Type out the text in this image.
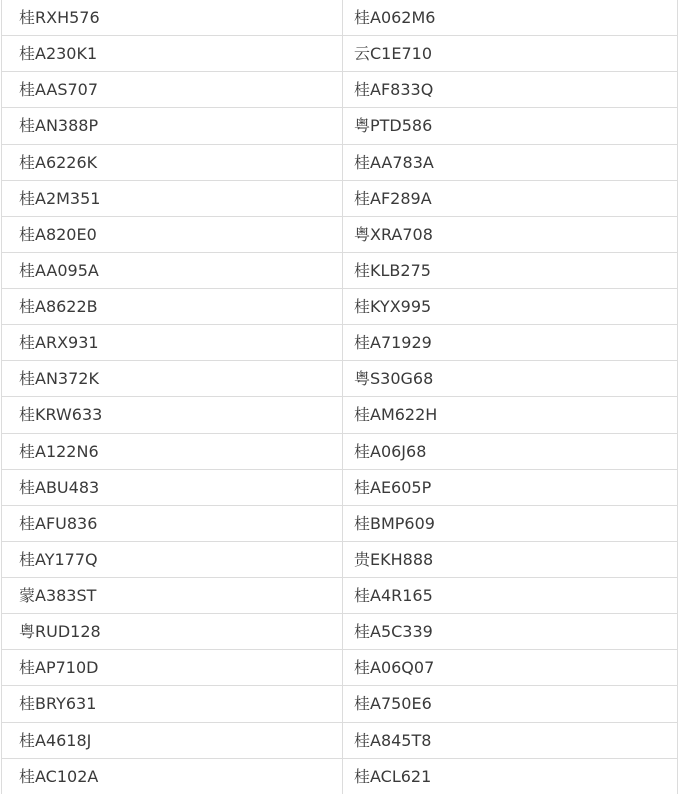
桂RXH576	桂A062M6
桂A230K1	云C1E710
桂AAS707	桂AF833Q
桂AN388P	粤PTD586
桂A6226K	桂AA783A
桂A2M351	桂AF289A
桂A820E0	粤XRA708
桂AA095A	桂KLB275
桂A8622B	桂KYX995
桂ARX931	桂A71929
桂AN372K	粤S30G68
桂KRW633	桂AM622H
桂A122N6	桂A06J68
桂ABU483	桂AE605P
桂AFU836	桂BMP609
桂AY177Q	贵EKH888
蒙A383ST	桂A4R165
粤RUD128	桂A5C339
桂AP710D	桂A06Q07
桂BRY631	桂A750E6
桂A4618J	桂A845T8
桂AC102A	桂ACL621
